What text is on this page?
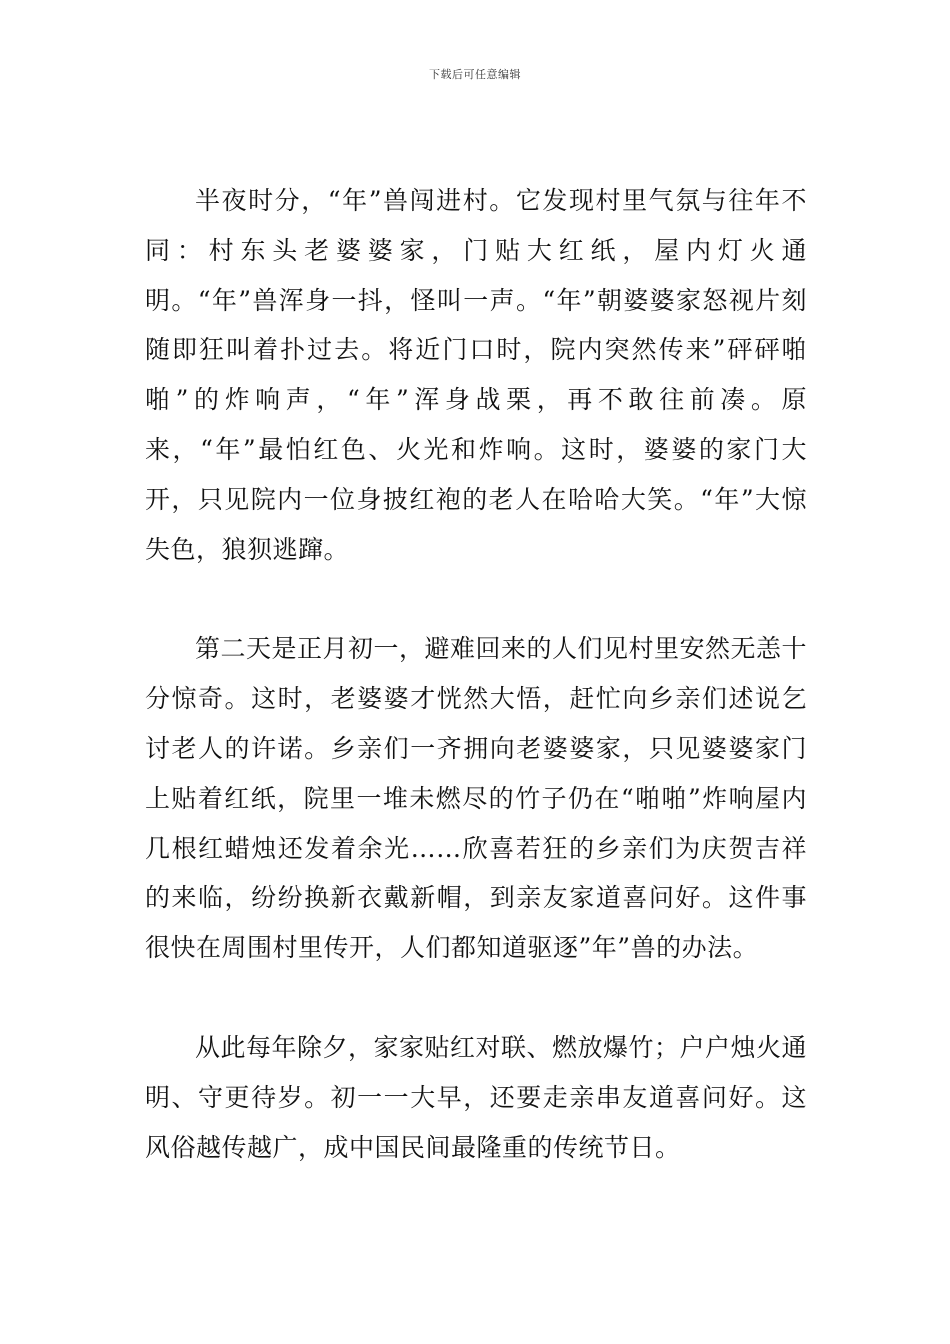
下载后可任意编辑

半夜时分，“年”兽闯进村。它发现村里气氛与往年不同：村东头老婆婆家，门贴大红纸，屋内灯火通明。“年”兽浑身一抖，怪叫一声。“年”朝婆婆家怒视片刻随即狂叫着扑过去。将近门口时，院内突然传来”砰砰啪啪”的炸响声，“年”浑身战栗，再不敢往前凑。原来，“年”最怕红色、火光和炸响。这时，婆婆的家门大开，只见院内一位身披红袍的老人在哈哈大笑。“年”大惊失色，狼狈逃蹿。

第二天是正月初一，避难回来的人们见村里安然无恙十分惊奇。这时，老婆婆才恍然大悟，赶忙向乡亲们述说乞讨老人的许诺。乡亲们一齐拥向老婆婆家，只见婆婆家门上贴着红纸，院里一堆未燃尽的竹子仍在“啪啪”炸响屋内几根红蜡烛还发着余光……欣喜若狂的乡亲们为庆贺吉祥的来临，纷纷换新衣戴新帽，到亲友家道喜问好。这件事很快在周围村里传开，人们都知道驱逐”年”兽的办法。

从此每年除夕，家家贴红对联、燃放爆竹；户户烛火通明、守更待岁。初一一大早，还要走亲串友道喜问好。这风俗越传越广，成中国民间最隆重的传统节日。
